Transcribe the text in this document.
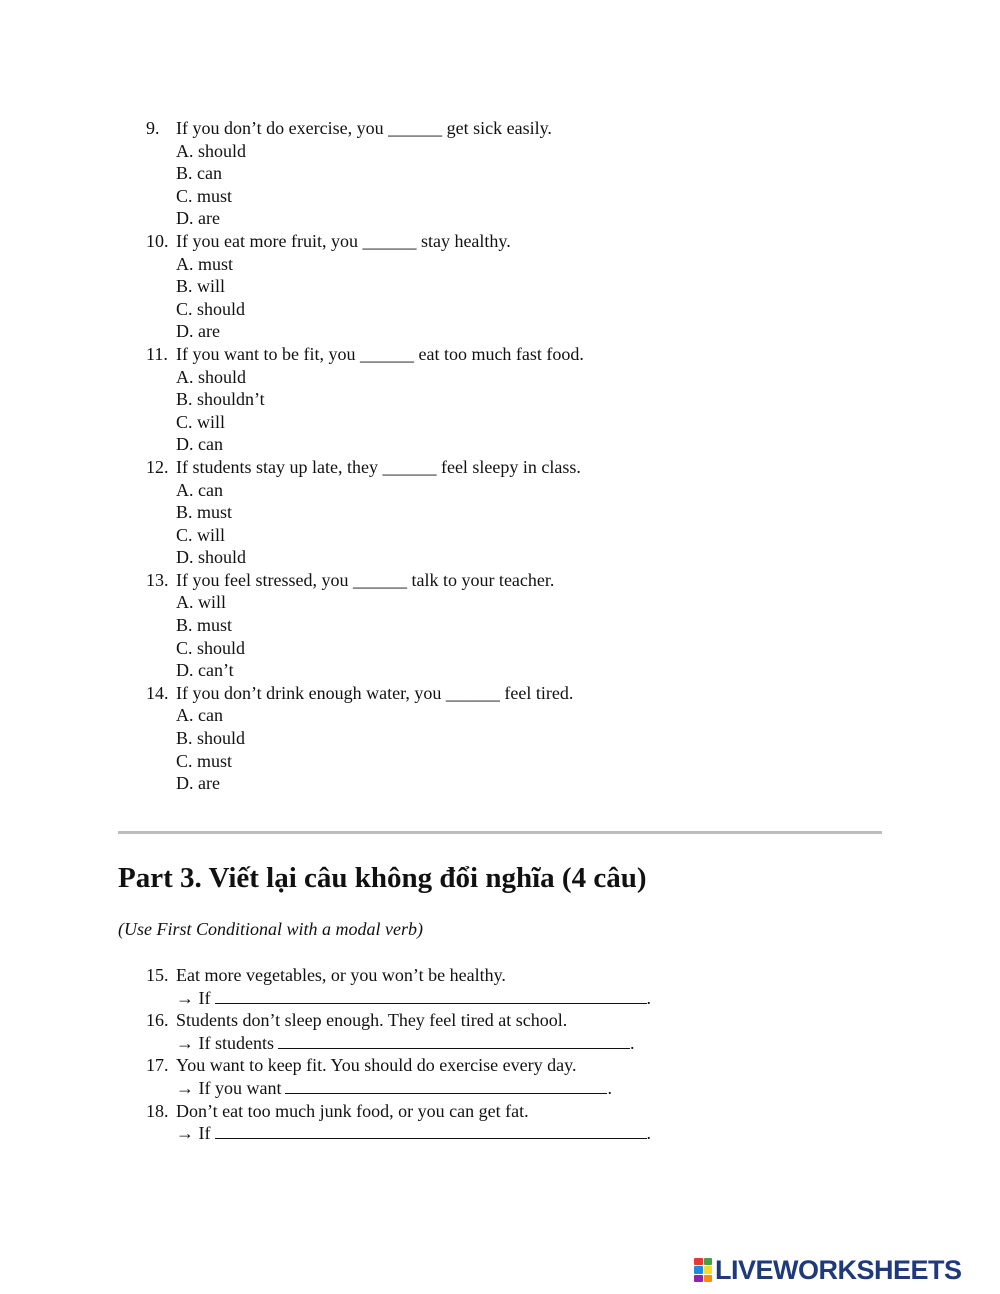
9. If you don’t do exercise, you ______ get sick easily.
A. should
B. can
C. must
D. are
10. If you eat more fruit, you ______ stay healthy.
A. must
B. will
C. should
D. are
11. If you want to be fit, you ______ eat too much fast food.
A. should
B. shouldn’t
C. will
D. can
12. If students stay up late, they ______ feel sleepy in class.
A. can
B. must
C. will
D. should
13. If you feel stressed, you ______ talk to your teacher.
A. will
B. must
C. should
D. can’t
14. If you don’t drink enough water, you ______ feel tired.
A. can
B. should
C. must
D. are
Part 3. Viết lại câu không đổi nghĩa (4 câu)
(Use First Conditional with a modal verb)
15. Eat more vegetables, or you won’t be healthy.
→ If	.
16. Students don’t sleep enough. They feel tired at school.
→ If students	.
17. You want to keep fit. You should do exercise every day.
→ If you want	.
18. Don’t eat too much junk food, or you can get fat.
→ If	.
LIVEWORKSHEETS
